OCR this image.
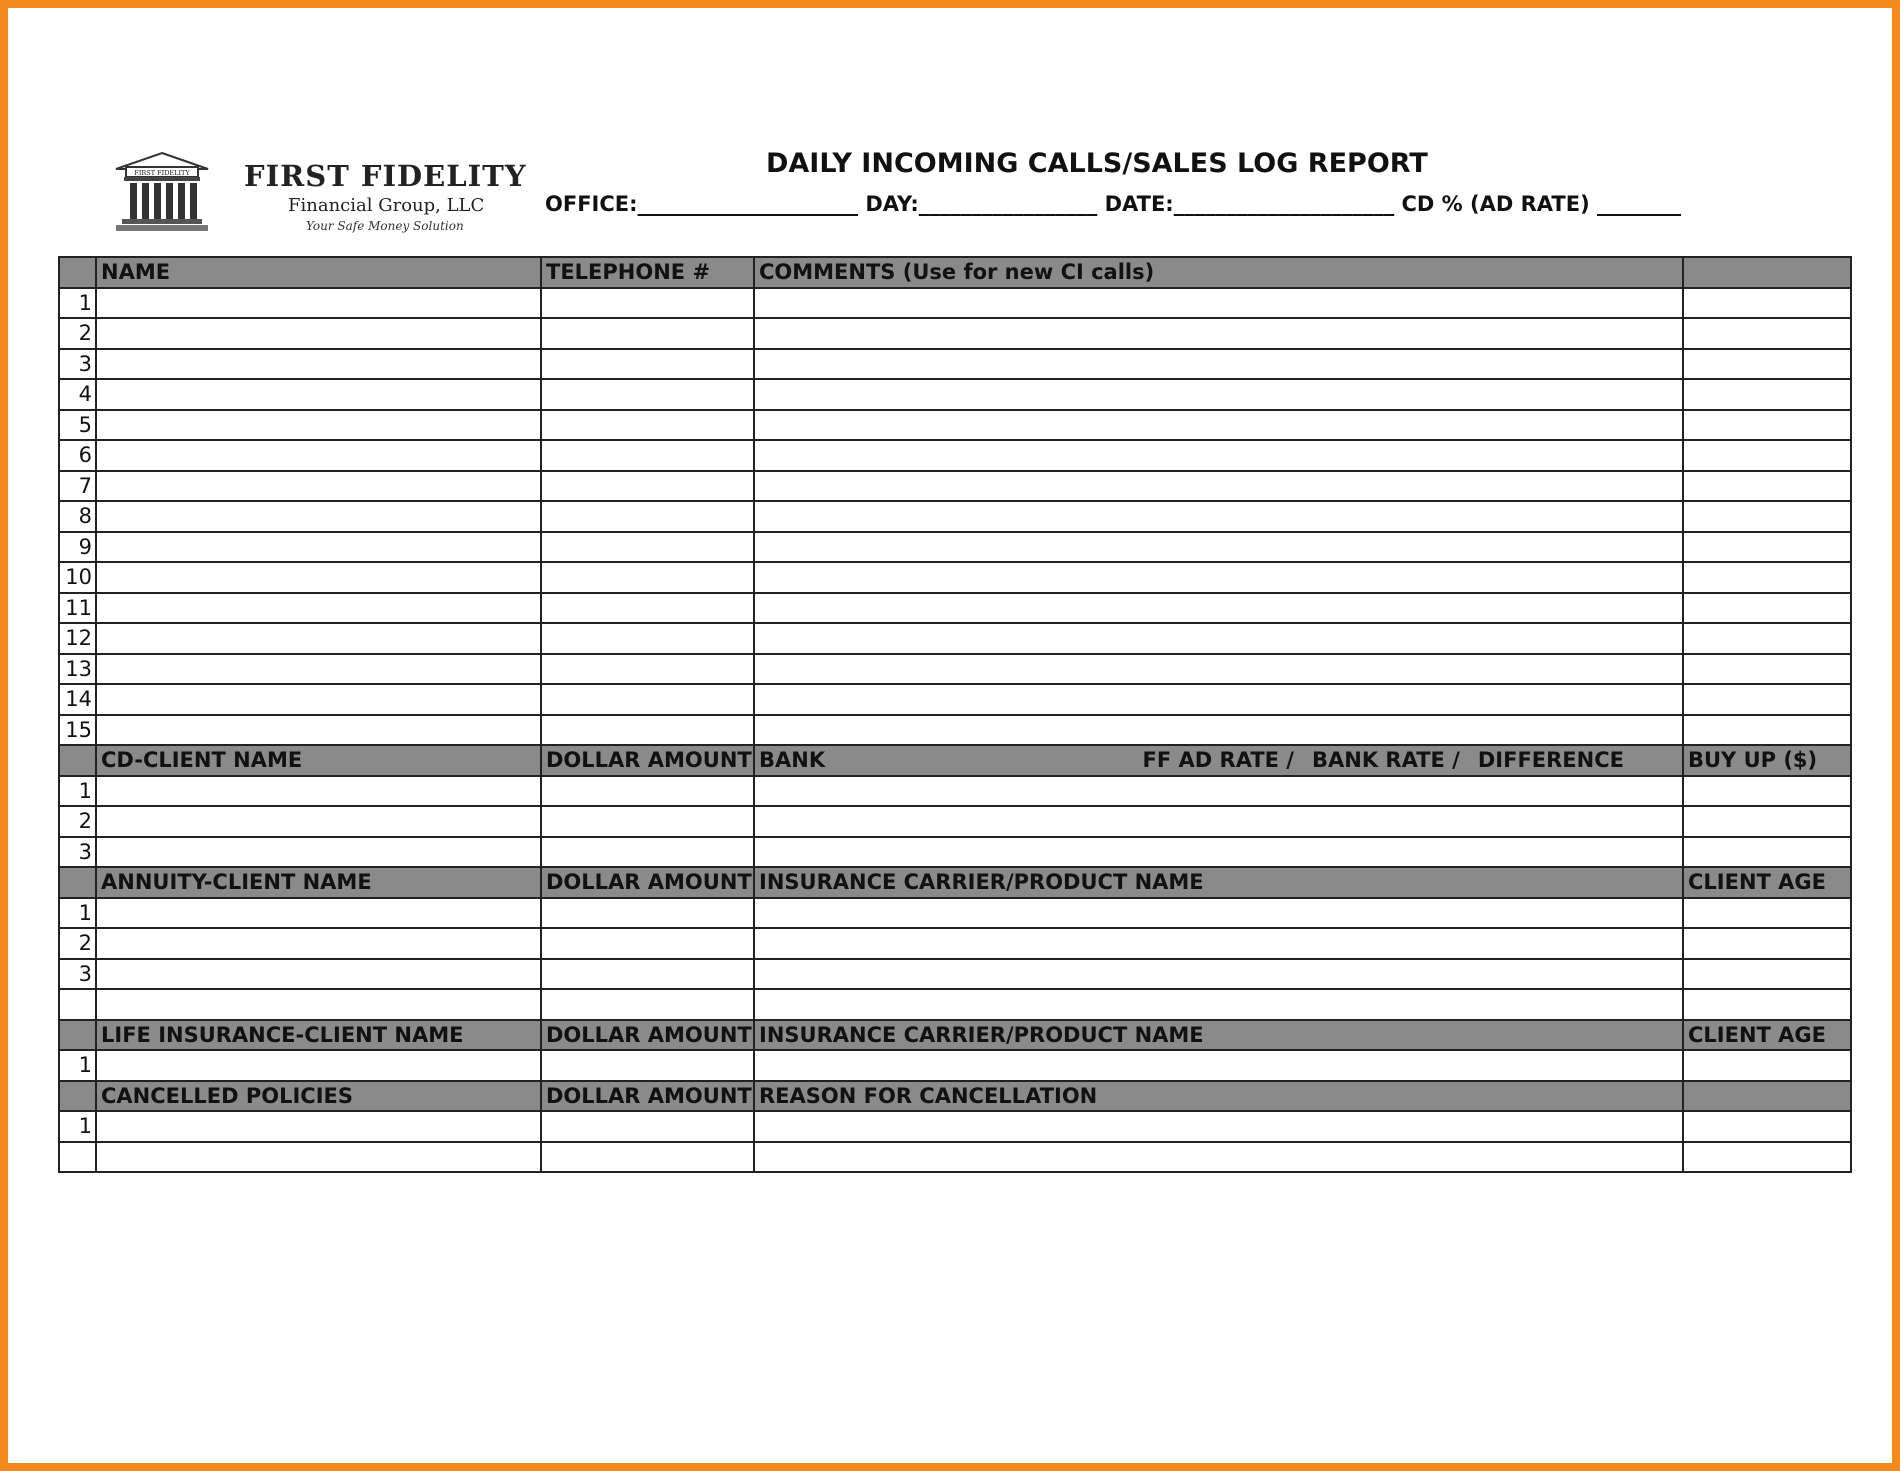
FIRST FIDELITY FIRST FIDELITY
Financial Group, LLC
Your Safe Money Solution
DAILY INCOMING CALLS/SALES LOG REPORT
OFFICE:_____________________ DAY:_________________ DATE:_____________________ CD % (AD RATE) ________
	NAME	TELEPHONE #	COMMENTS (Use for new CI calls)	
1				
2				
3				
4				
5				
6				
7				
8				
9				
10				
11				
12				
13				
14				
15				
	CD-CLIENT NAME	DOLLAR AMOUNT	BANK FF AD RATE / BANK RATE / DIFFERENCE	BUY UP ($)
1				
2				
3				
	ANNUITY-CLIENT NAME	DOLLAR AMOUNT	INSURANCE CARRIER/PRODUCT NAME	CLIENT AGE
1				
2				
3				

	LIFE INSURANCE-CLIENT NAME	DOLLAR AMOUNT	INSURANCE CARRIER/PRODUCT NAME	CLIENT AGE
1				
	CANCELLED POLICIES	DOLLAR AMOUNT	REASON FOR CANCELLATION	
1				
